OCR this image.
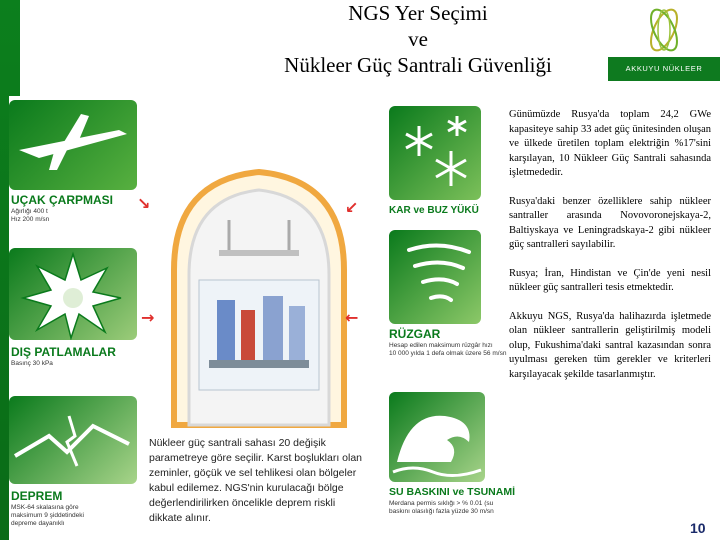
NGS Yer Seçimi
ve
Nükleer Güç Santrali Güvenliği	AKKUYU NÜKLEER
UÇAK ÇARPMASI
Ağırlığı 400 t
Hız 200 m/sn
KAR ve BUZ YÜKÜ
DIŞ PATLAMALAR
Basınç 30 kPa
RÜZGAR
Hesap edilen maksimum rüzgâr hızı
10 000 yılda 1 defa olmak üzere 56 m/sn
DEPREM
MSK-64 skalasına göre
maksimum 9 şiddetindeki
depreme dayanıklı
SU BASKINI ve TSUNAMİ
Merdana permis sıklığı > % 0.01 (su
baskını olasılığı fazla yüzde 30 m/sn
↘	↙
→	←
Nükleer güç santrali sahası 20 değişik parametreye göre seçilir. Karst boşlukları olan zeminler, göçük ve sel tehlikesi olan bölgeler kabul edilemez. NGS'nin kurulacağı bölge değerlendirilirken öncelikle deprem riskli dikkate alınır.

Günümüzde Rusya'da toplam 24,2 GWe kapasiteye sahip 33 adet güç ünitesinden oluşan ve ülkede üretilen toplam elektriğin %17'sini karşılayan, 10 Nükleer Güç Santrali sahasında işletmededir.

Rusya'daki benzer özelliklere sahip nükleer santraller arasında Novovoronejskaya-2, Baltiyskaya ve Leningradskaya-2 gibi nükleer güç santralleri sayılabilir.

Rusya; İran, Hindistan ve Çin'de yeni nesil nükleer güç santralleri tesis etmektedir.

Akkuyu NGS, Rusya'da halihazırda işletmede olan nükleer santrallerin geliştirilmiş modeli olup, Fukushima'daki santral kazasından sonra uyulması gereken tüm gerekler ve kriterleri karşılayacak şekilde tasarlanmıştır.

10
